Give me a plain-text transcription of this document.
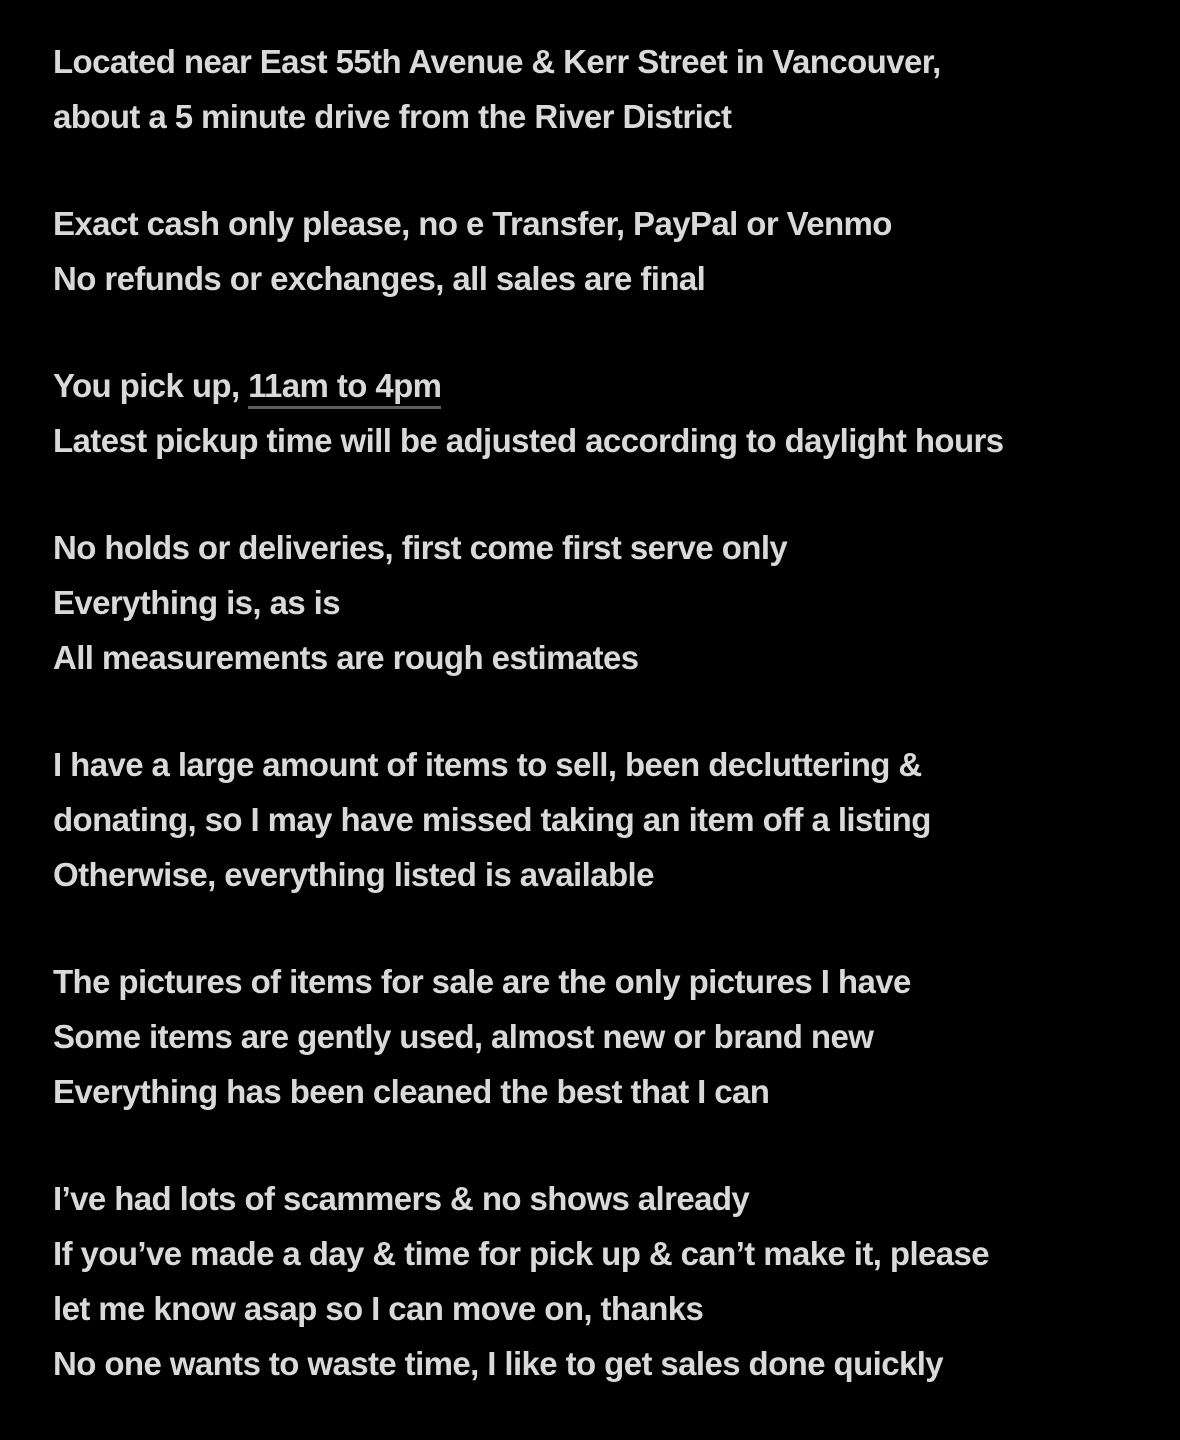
Located near East 55th Avenue & Kerr Street in Vancouver,

about a 5 minute drive from the River District

Exact cash only please, no e Transfer, PayPal or Venmo

No refunds or exchanges, all sales are final

You pick up, 11am to 4pm

Latest pickup time will be adjusted according to daylight hours

No holds or deliveries, first come first serve only

Everything is, as is

All measurements are rough estimates

I have a large amount of items to sell, been decluttering &

donating, so I may have missed taking an item off a listing

Otherwise, everything listed is available

The pictures of items for sale are the only pictures I have

Some items are gently used, almost new or brand new

Everything has been cleaned the best that I can

I’ve had lots of scammers & no shows already

If you’ve made a day & time for pick up & can’t make it, please

let me know asap so I can move on, thanks

No one wants to waste time, I like to get sales done quickly
